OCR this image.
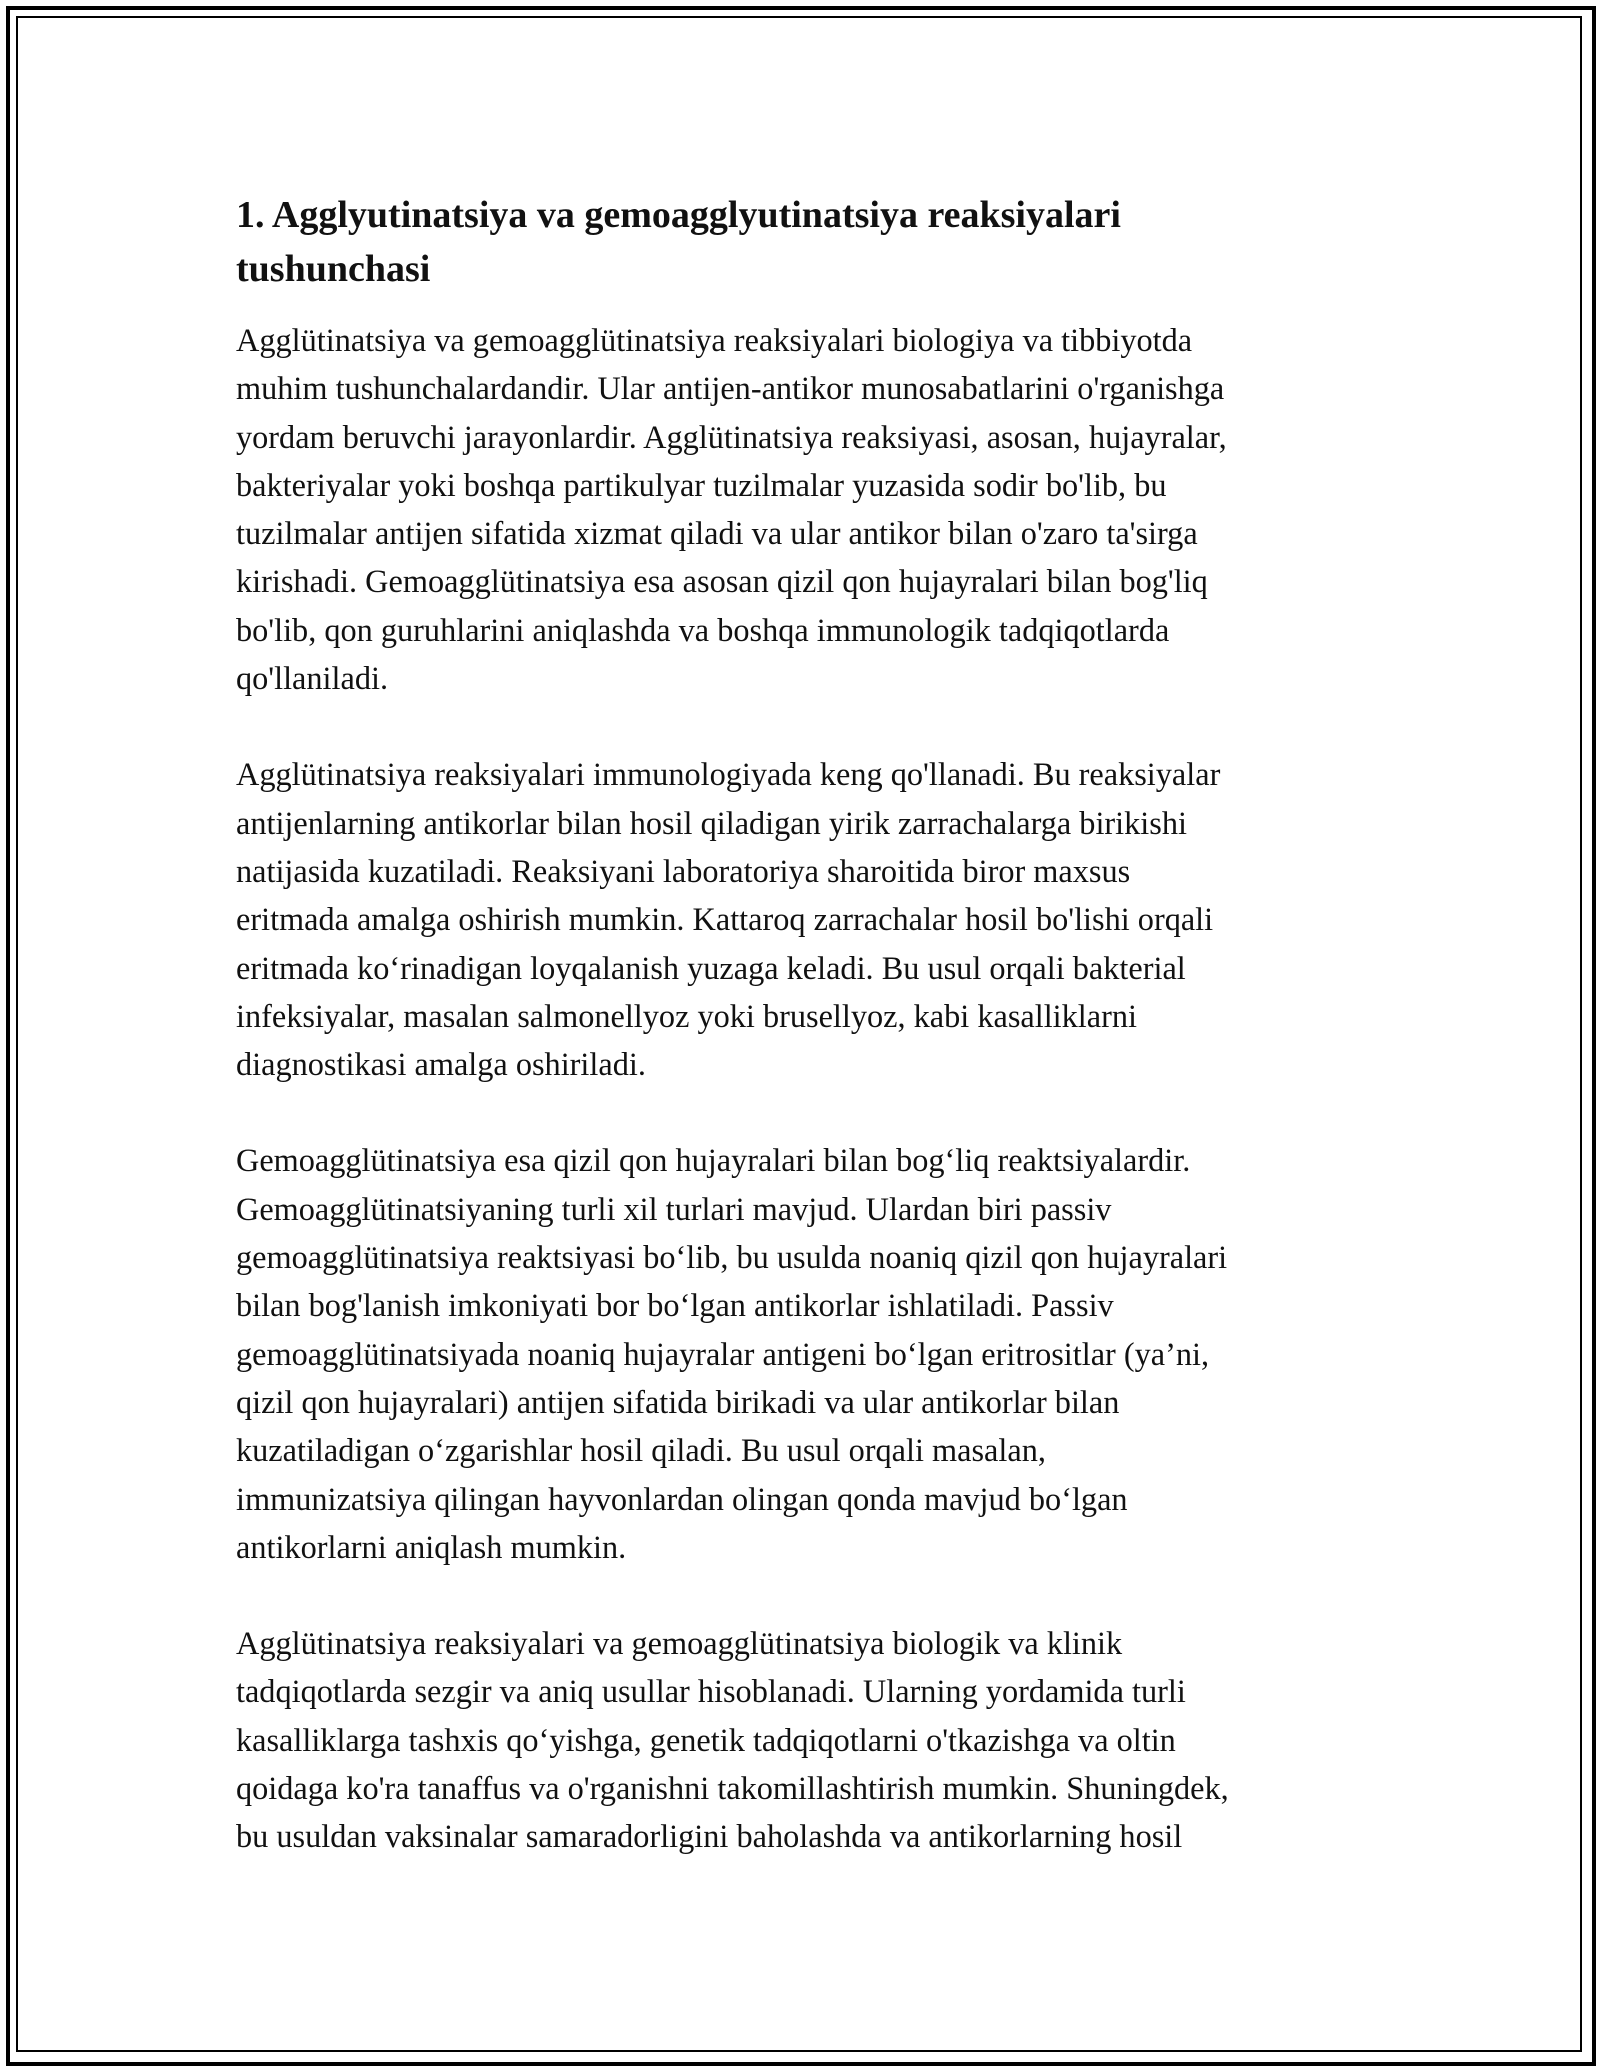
1. Agglyutinatsiya va gemoagglyutinatsiya reaksiyalari
tushunchasi

Agglütinatsiya va gemoagglütinatsiya reaksiyalari biologiya va tibbiyotda
muhim tushunchalardandir. Ular antijen-antikor munosabatlarini o'rganishga
yordam beruvchi jarayonlardir. Agglütinatsiya reaksiyasi, asosan, hujayralar,
bakteriyalar yoki boshqa partikulyar tuzilmalar yuzasida sodir bo'lib, bu
tuzilmalar antijen sifatida xizmat qiladi va ular antikor bilan o'zaro ta'sirga
kirishadi. Gemoagglütinatsiya esa asosan qizil qon hujayralari bilan bog'liq
bo'lib, qon guruhlarini aniqlashda va boshqa immunologik tadqiqotlarda
qo'llaniladi.

Agglütinatsiya reaksiyalari immunologiyada keng qo'llanadi. Bu reaksiyalar
antijenlarning antikorlar bilan hosil qiladigan yirik zarrachalarga birikishi
natijasida kuzatiladi. Reaksiyani laboratoriya sharoitida biror maxsus
eritmada amalga oshirish mumkin. Kattaroq zarrachalar hosil bo'lishi orqali
eritmada ko‘rinadigan loyqalanish yuzaga keladi. Bu usul orqali bakterial
infeksiyalar, masalan salmonellyoz yoki brusellyoz, kabi kasalliklarni
diagnostikasi amalga oshiriladi.

Gemoagglütinatsiya esa qizil qon hujayralari bilan bog‘liq reaktsiyalardir.
Gemoagglütinatsiyaning turli xil turlari mavjud. Ulardan biri passiv
gemoagglütinatsiya reaktsiyasi bo‘lib, bu usulda noaniq qizil qon hujayralari
bilan bog'lanish imkoniyati bor bo‘lgan antikorlar ishlatiladi. Passiv
gemoagglütinatsiyada noaniq hujayralar antigeni bo‘lgan eritrositlar (ya’ni,
qizil qon hujayralari) antijen sifatida birikadi va ular antikorlar bilan
kuzatiladigan o‘zgarishlar hosil qiladi. Bu usul orqali masalan,
immunizatsiya qilingan hayvonlardan olingan qonda mavjud bo‘lgan
antikorlarni aniqlash mumkin.

Agglütinatsiya reaksiyalari va gemoagglütinatsiya biologik va klinik
tadqiqotlarda sezgir va aniq usullar hisoblanadi. Ularning yordamida turli
kasalliklarga tashxis qo‘yishga, genetik tadqiqotlarni o'tkazishga va oltin
qoidaga ko'ra tanaffus va o'rganishni takomillashtirish mumkin. Shuningdek,
bu usuldan vaksinalar samaradorligini baholashda va antikorlarning hosil
